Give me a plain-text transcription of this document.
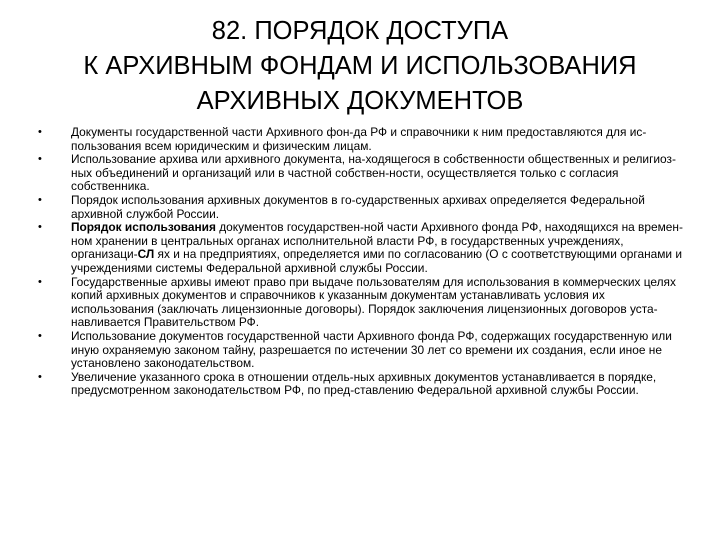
82. ПОРЯДОК ДОСТУПА
К АРХИВНЫМ ФОНДАМ И ИСПОЛЬЗОВАНИЯ
АРХИВНЫХ ДОКУМЕНТОВ
•	Документы государственной части Архивного фон-да РФ и справочники к ним предоставляются для ис-пользования всем юридическим и физическим лицам.
•	Использование архива или архивного документа, на-ходящегося в собственности общественных и религиоз-ных объединений и организаций или в частной собствен-ности, осуществляется только с согласия собственника.
•	Порядок использования архивных документов в го-сударственных архивах определяется Федеральной архивной службой России.
•	Порядок использования документов государствен-ной части Архивного фонда РФ, находящихся на времен-ном хранении в центральных органах исполнительной власти РФ, в государственных учреждениях, организаци-СЛ ях и на предприятиях, определяется ими по согласованию (О с соответствующими органами и учреждениями системы Федеральной архивной службы России.
•	Государственные архивы имеют право при выдаче пользователям для использования в коммерческих целях копий архивных документов и справочников к указанным документам устанавливать условия их использования (заключать лицензионные договоры). Порядок заключения лицензионных договоров уста-навливается Правительством РФ.
•	Использование документов государственной части Архивного фонда РФ, содержащих государственную или иную охраняемую законом тайну, разрешается по истечении 30 лет со времени их создания, если иное не установлено законодательством.
•	Увеличение указанного срока в отношении отдель-ных архивных документов устанавливается в порядке, предусмотренном законодательством РФ, по пред-ставлению Федеральной архивной службы России.
